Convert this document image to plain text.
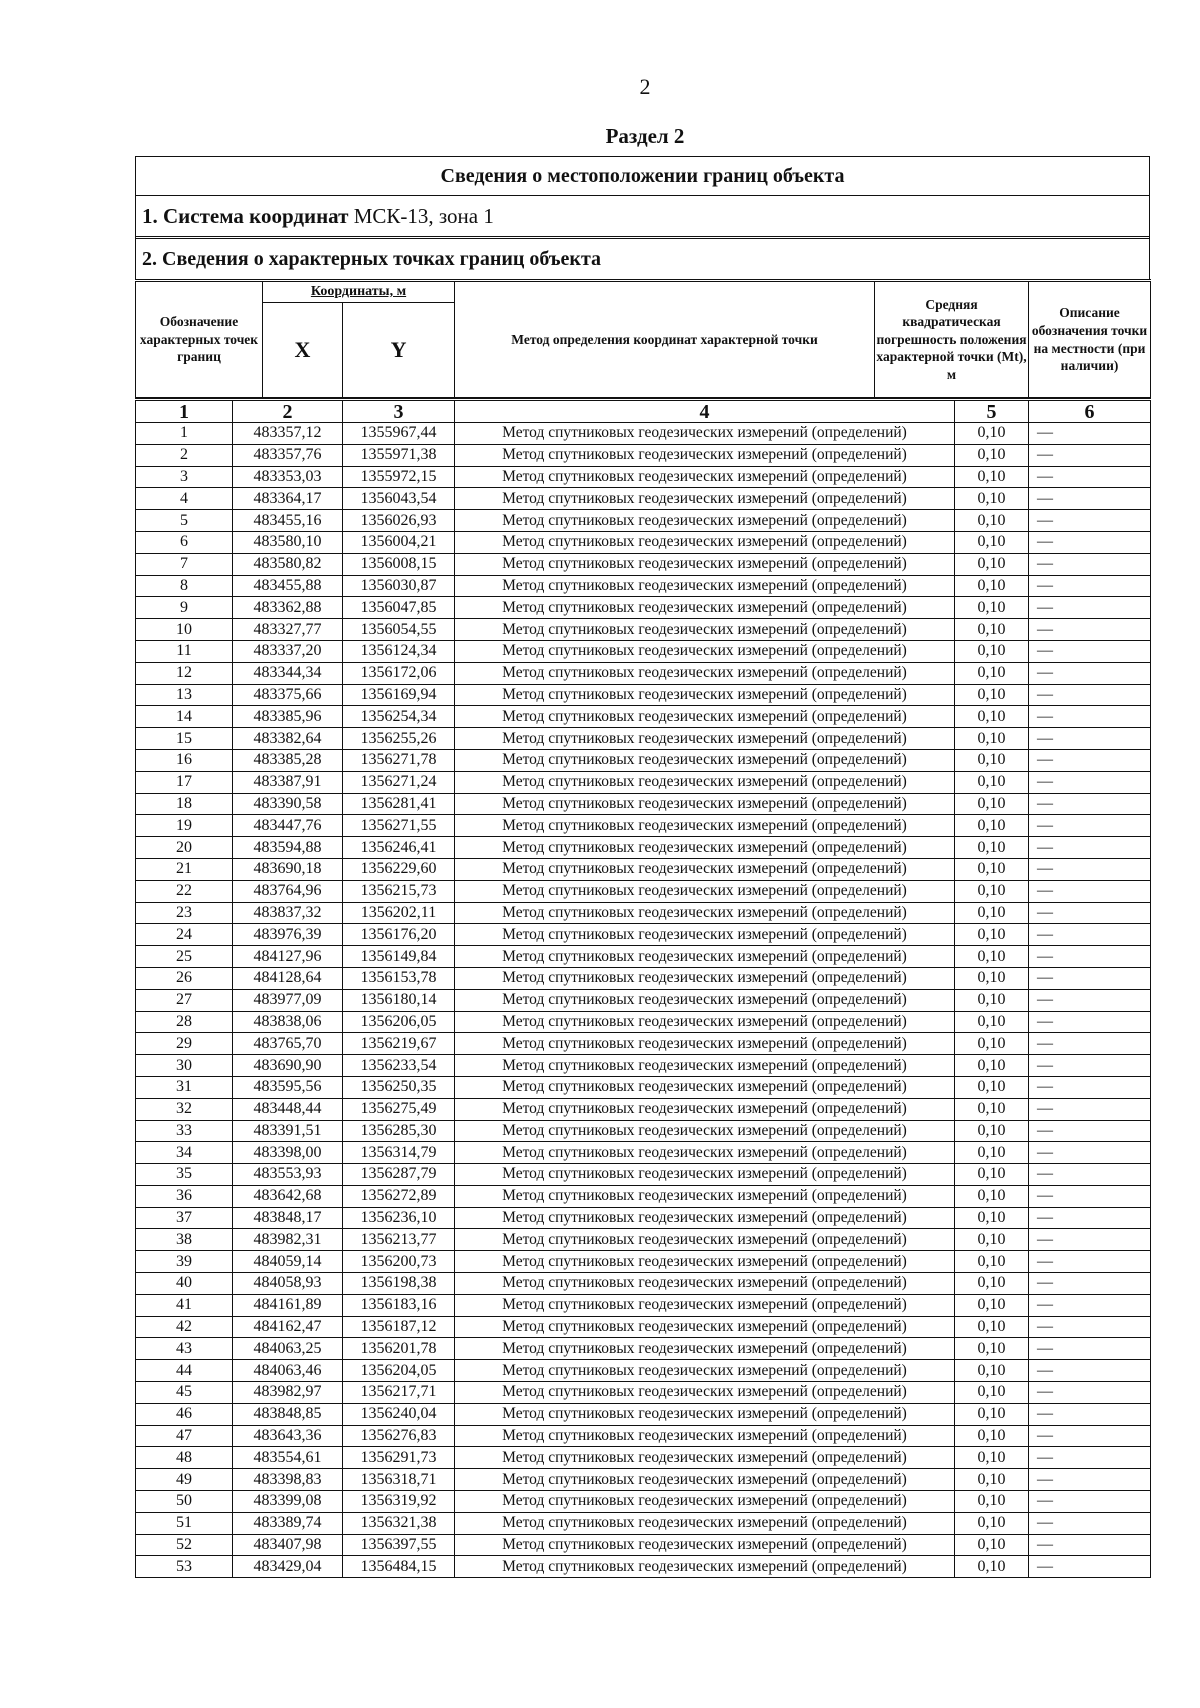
2
Раздел 2
Сведения о местоположении границ объекта
1. Система координат МСК-13, зона 1
2. Сведения о характерных точках границ объекта
Обозначение характерных точек границ	Координаты, м		Метод определения координат характерной точки	Средняя квадратическая погрешность положения характерной точки (Mt), м	Описание обозначения точки на местности (при наличии)
	X	Y			
1	2	3	4	5	6
1	483357,12	1355967,44	Метод спутниковых геодезических измерений (определений)	0,10	—
2	483357,76	1355971,38	Метод спутниковых геодезических измерений (определений)	0,10	—
3	483353,03	1355972,15	Метод спутниковых геодезических измерений (определений)	0,10	—
4	483364,17	1356043,54	Метод спутниковых геодезических измерений (определений)	0,10	—
5	483455,16	1356026,93	Метод спутниковых геодезических измерений (определений)	0,10	—
6	483580,10	1356004,21	Метод спутниковых геодезических измерений (определений)	0,10	—
7	483580,82	1356008,15	Метод спутниковых геодезических измерений (определений)	0,10	—
8	483455,88	1356030,87	Метод спутниковых геодезических измерений (определений)	0,10	—
9	483362,88	1356047,85	Метод спутниковых геодезических измерений (определений)	0,10	—
10	483327,77	1356054,55	Метод спутниковых геодезических измерений (определений)	0,10	—
11	483337,20	1356124,34	Метод спутниковых геодезических измерений (определений)	0,10	—
12	483344,34	1356172,06	Метод спутниковых геодезических измерений (определений)	0,10	—
13	483375,66	1356169,94	Метод спутниковых геодезических измерений (определений)	0,10	—
14	483385,96	1356254,34	Метод спутниковых геодезических измерений (определений)	0,10	—
15	483382,64	1356255,26	Метод спутниковых геодезических измерений (определений)	0,10	—
16	483385,28	1356271,78	Метод спутниковых геодезических измерений (определений)	0,10	—
17	483387,91	1356271,24	Метод спутниковых геодезических измерений (определений)	0,10	—
18	483390,58	1356281,41	Метод спутниковых геодезических измерений (определений)	0,10	—
19	483447,76	1356271,55	Метод спутниковых геодезических измерений (определений)	0,10	—
20	483594,88	1356246,41	Метод спутниковых геодезических измерений (определений)	0,10	—
21	483690,18	1356229,60	Метод спутниковых геодезических измерений (определений)	0,10	—
22	483764,96	1356215,73	Метод спутниковых геодезических измерений (определений)	0,10	—
23	483837,32	1356202,11	Метод спутниковых геодезических измерений (определений)	0,10	—
24	483976,39	1356176,20	Метод спутниковых геодезических измерений (определений)	0,10	—
25	484127,96	1356149,84	Метод спутниковых геодезических измерений (определений)	0,10	—
26	484128,64	1356153,78	Метод спутниковых геодезических измерений (определений)	0,10	—
27	483977,09	1356180,14	Метод спутниковых геодезических измерений (определений)	0,10	—
28	483838,06	1356206,05	Метод спутниковых геодезических измерений (определений)	0,10	—
29	483765,70	1356219,67	Метод спутниковых геодезических измерений (определений)	0,10	—
30	483690,90	1356233,54	Метод спутниковых геодезических измерений (определений)	0,10	—
31	483595,56	1356250,35	Метод спутниковых геодезических измерений (определений)	0,10	—
32	483448,44	1356275,49	Метод спутниковых геодезических измерений (определений)	0,10	—
33	483391,51	1356285,30	Метод спутниковых геодезических измерений (определений)	0,10	—
34	483398,00	1356314,79	Метод спутниковых геодезических измерений (определений)	0,10	—
35	483553,93	1356287,79	Метод спутниковых геодезических измерений (определений)	0,10	—
36	483642,68	1356272,89	Метод спутниковых геодезических измерений (определений)	0,10	—
37	483848,17	1356236,10	Метод спутниковых геодезических измерений (определений)	0,10	—
38	483982,31	1356213,77	Метод спутниковых геодезических измерений (определений)	0,10	—
39	484059,14	1356200,73	Метод спутниковых геодезических измерений (определений)	0,10	—
40	484058,93	1356198,38	Метод спутниковых геодезических измерений (определений)	0,10	—
41	484161,89	1356183,16	Метод спутниковых геодезических измерений (определений)	0,10	—
42	484162,47	1356187,12	Метод спутниковых геодезических измерений (определений)	0,10	—
43	484063,25	1356201,78	Метод спутниковых геодезических измерений (определений)	0,10	—
44	484063,46	1356204,05	Метод спутниковых геодезических измерений (определений)	0,10	—
45	483982,97	1356217,71	Метод спутниковых геодезических измерений (определений)	0,10	—
46	483848,85	1356240,04	Метод спутниковых геодезических измерений (определений)	0,10	—
47	483643,36	1356276,83	Метод спутниковых геодезических измерений (определений)	0,10	—
48	483554,61	1356291,73	Метод спутниковых геодезических измерений (определений)	0,10	—
49	483398,83	1356318,71	Метод спутниковых геодезических измерений (определений)	0,10	—
50	483399,08	1356319,92	Метод спутниковых геодезических измерений (определений)	0,10	—
51	483389,74	1356321,38	Метод спутниковых геодезических измерений (определений)	0,10	—
52	483407,98	1356397,55	Метод спутниковых геодезических измерений (определений)	0,10	—
53	483429,04	1356484,15	Метод спутниковых геодезических измерений (определений)	0,10	—
